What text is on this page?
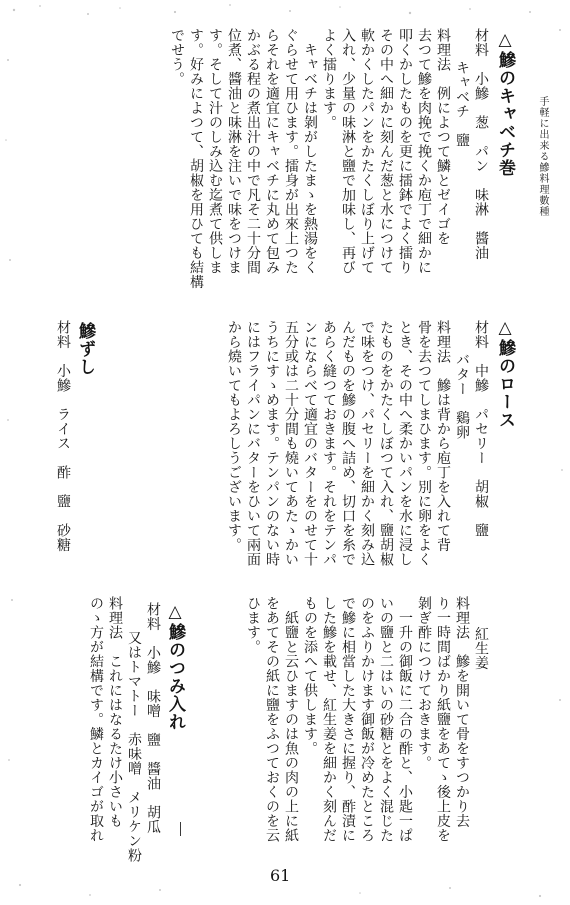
手軽に出来る鰺料理數種

△鰺のキャベチ巻

材料　小鰺　葱　パン　味淋　醬油

　キャベチ　鹽

料理法　例によつて鱗とゼイゴを

去つて鰺を肉挽で挽くか庖丁で細かに

叩くかしたものを更に擂鉢でよく擂り

その中へ細かに刻んだ葱と水につけて

軟かくしたパンをかたくしぼり上げて

入れ、少量の味淋と鹽で加味し、再び

よく擂ります。

　キャベチは剝がしたまゝを熱湯をく

ぐらせて用ひます。擂身が出來上つた

らそれを適宜にキャベチに丸めて包み

かぶる程の煮出汁の中で凡そ二十分間

位煮、醬油と味淋を注いで味をつけま

す。そして汁のしみ込む迄煮て供しま

す。好みによつて、胡椒を用ひても結構

でせう。

△鰺のロース

材料　中鰺　パセリー　胡椒　鹽

　バター　鷄卵

料理法　鰺は背から庖丁を入れて背

骨を去つてしまひます。別に卵をよく

とき、その中へ柔かいパンを水に浸し

たものをかたくしぼつて入れ、鹽胡椒

で味をつけ、パセリーを細かく刻み込

んだものを鰺の腹へ詰め、切口を糸で

あらく縫つておきます。それをテンパ

ンにならべて適宜のバターをのせて十

五分或は二十分間も燒いてあたゝかい

うちにすゝめます。テンパンのない時

にはフライパンにバターをひいて兩面

から燒いてもよろしうございます。

鰺ずし

材料　小鰺　ライス　酢　鹽　砂糖

　紅生姜

料理法　鰺を開いて骨をすつかり去

り一時間ばかり紙鹽をあてゝ後上皮を

剝ぎ酢につけておきます。

　一升の御飯に二合の酢と、小匙一ぱ

いの鹽と二はいの砂糖とをよく混じた

のをふりかけます御飯が冷めたところ

で鰺に相當した大きさに握り、酢漬に

した鰺を載せ、紅生姜を細かく刻んだ

ものを添へて供します。

　紙鹽と云ひますのは魚の肉の上に紙

をあてその紙に鹽をふつておくのを云

ひます。

△鰺のつみ入れ

材料　小鰺　味噌　鹽　醬油　胡瓜

　又はトマトー　赤味噌　メリケン粉

料理法　これにはなるたけ小さいも

のゝ方が結構です。鱗とカイゴが取れ

61
